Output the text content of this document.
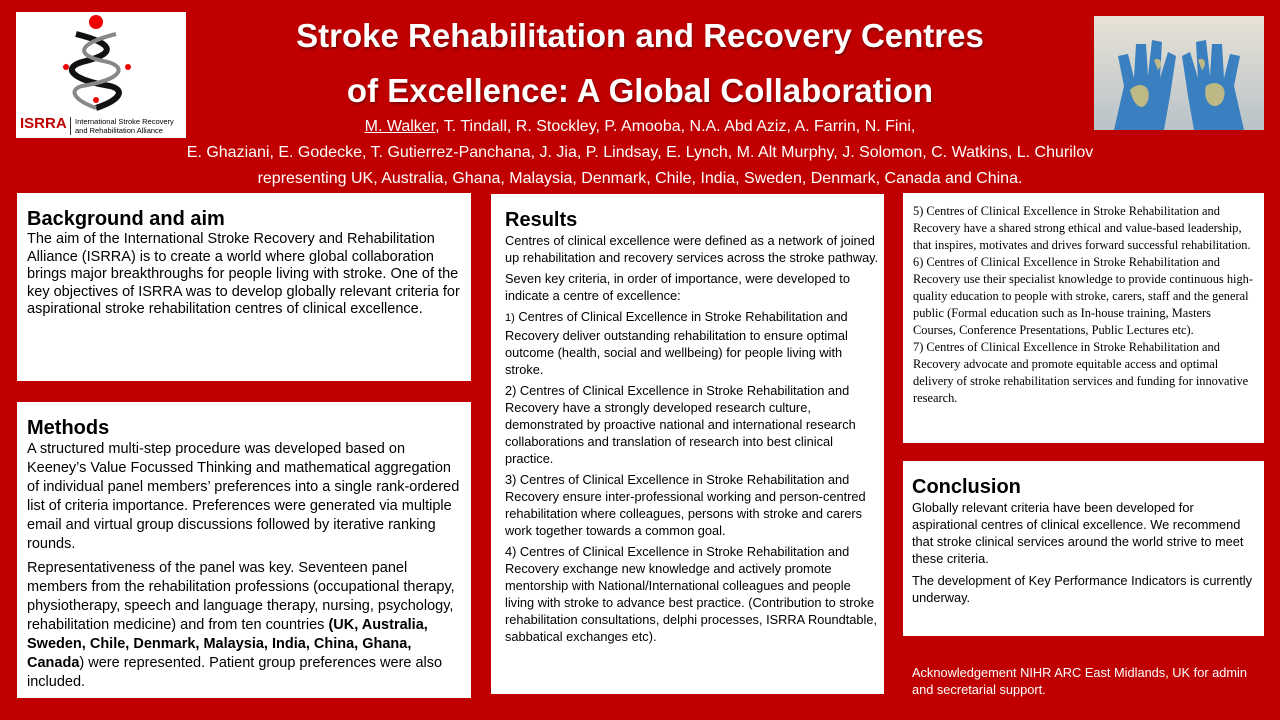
ISRRA	International Stroke Recovery and Rehabilitation Alliance
Stroke Rehabilitation and Recovery Centres
of Excellence: A Global Collaboration
M. Walker, T. Tindall, R. Stockley, P. Amooba, N.A. Abd Aziz, A. Farrin, N. Fini,
E. Ghaziani, E. Godecke, T. Gutierrez-Panchana, J. Jia, P. Lindsay, E. Lynch, M. Alt Murphy, J. Solomon, C. Watkins, L. Churilov
representing UK, Australia, Ghana, Malaysia, Denmark, Chile, India, Sweden, Denmark, Canada and China.
Background and aim

The aim of the International Stroke Recovery and Rehabilitation Alliance (ISRRA) is to create a world where global collaboration brings major breakthroughs for people living with stroke. One of the key objectives of ISRRA was to develop globally relevant criteria for aspirational stroke rehabilitation centres of clinical excellence.

Methods

A structured multi-step procedure was developed based on Keeney’s Value Focussed Thinking and mathematical aggregation of individual panel members’ preferences into a single rank-ordered list of criteria importance. Preferences were generated via multiple email and virtual group discussions followed by iterative ranking rounds.

Representativeness of the panel was key. Seventeen panel members from the rehabilitation professions (occupational therapy, physiotherapy, speech and language therapy, nursing, psychology, rehabilitation medicine) and from ten countries (UK, Australia, Sweden, Chile, Denmark, Malaysia, India, China, Ghana, Canada) were represented. Patient group preferences were also included.

Results

Centres of clinical excellence were defined as a network of joined up rehabilitation and recovery services across the stroke pathway.

Seven key criteria, in order of importance, were developed to indicate a centre of excellence:

1) Centres of Clinical Excellence in Stroke Rehabilitation and Recovery deliver outstanding rehabilitation to ensure optimal outcome (health, social and wellbeing) for people living with stroke.

2) Centres of Clinical Excellence in Stroke Rehabilitation and Recovery have a strongly developed research culture, demonstrated by proactive national and international research collaborations and translation of research into best clinical practice.

3) Centres of Clinical Excellence in Stroke Rehabilitation and Recovery ensure inter-professional working and person-centred rehabilitation where colleagues, persons with stroke and carers work together towards a common goal.

4) Centres of Clinical Excellence in Stroke Rehabilitation and Recovery exchange new knowledge and actively promote mentorship with National/International colleagues and people living with stroke to advance best practice. (Contribution to stroke rehabilitation consultations, delphi processes, ISRRA Roundtable, sabbatical exchanges etc).

5) Centres of Clinical Excellence in Stroke Rehabilitation and Recovery have a shared strong ethical and value-based leadership, that inspires, motivates and drives forward successful rehabilitation.

6) Centres of Clinical Excellence in Stroke Rehabilitation and Recovery use their specialist knowledge to provide continuous high-quality education to people with stroke, carers, staff and the general public (Formal education such as In-house training, Masters Courses, Conference Presentations, Public Lectures etc).

7) Centres of Clinical Excellence in Stroke Rehabilitation and Recovery advocate and promote equitable access and optimal delivery of stroke rehabilitation services and funding for innovative research.

Conclusion

Globally relevant criteria have been developed for aspirational centres of clinical excellence. We recommend that stroke clinical services around the world strive to meet these criteria.

The development of Key Performance Indicators is currently underway.

Acknowledgement NIHR ARC East Midlands, UK for admin and secretarial support.
